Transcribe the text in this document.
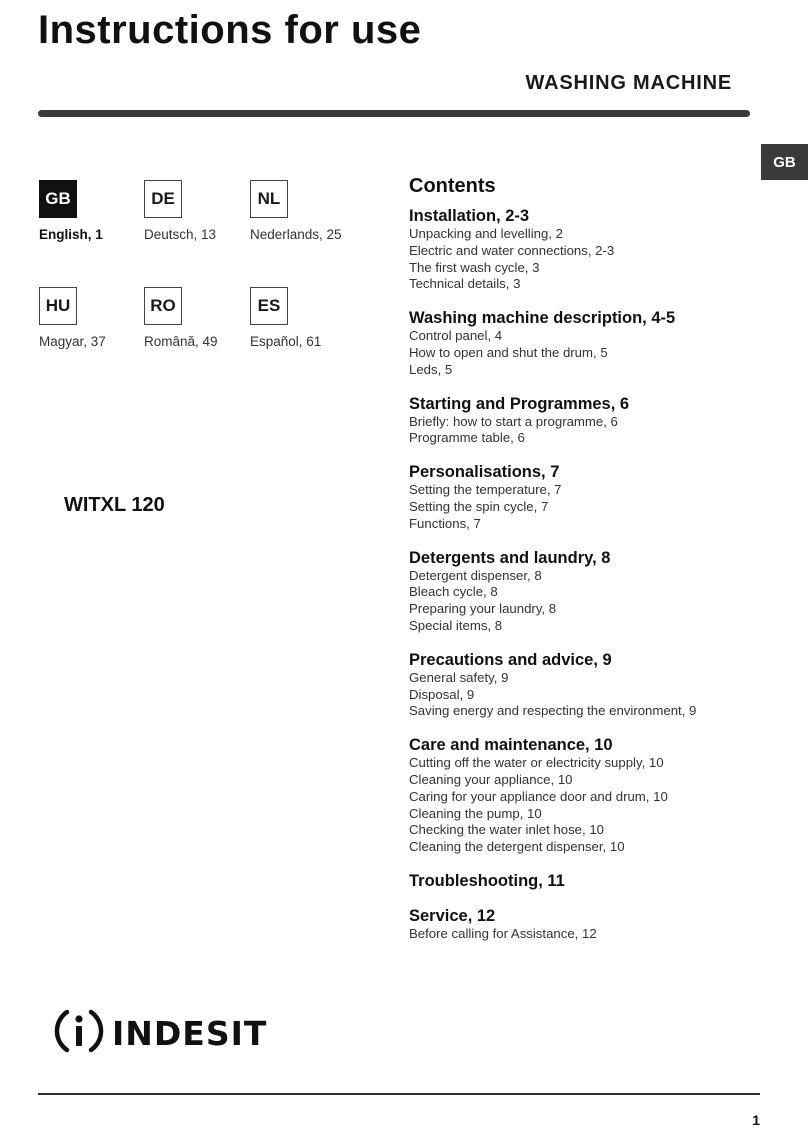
Instructions for use
WASHING MACHINE
GB
GB
English, 1
DE
Deutsch, 13
NL
Nederlands, 25
HU
Magyar, 37
RO
Română, 49
ES
Español, 61
WITXL 120
Contents
Installation, 2-3
Unpacking and levelling, 2
Electric and water connections, 2-3
The first wash cycle, 3
Technical details, 3
Washing machine description, 4-5
Control panel, 4
How to open and shut the drum, 5
Leds, 5
Starting and Programmes, 6
Briefly: how to start a programme, 6
Programme table, 6
Personalisations, 7
Setting the temperature, 7
Setting the spin cycle, 7
Functions, 7
Detergents and laundry, 8
Detergent dispenser, 8
Bleach cycle, 8
Preparing your laundry, 8
Special items, 8
Precautions and advice, 9
General safety, 9
Disposal, 9
Saving energy and respecting the environment, 9
Care and maintenance, 10
Cutting off the water or electricity supply, 10
Cleaning your appliance, 10
Caring for your appliance door and drum, 10
Cleaning the pump, 10
Checking the water inlet hose, 10
Cleaning the detergent dispenser, 10
Troubleshooting, 11
Service, 12
Before calling for Assistance, 12
INDESIT
1
